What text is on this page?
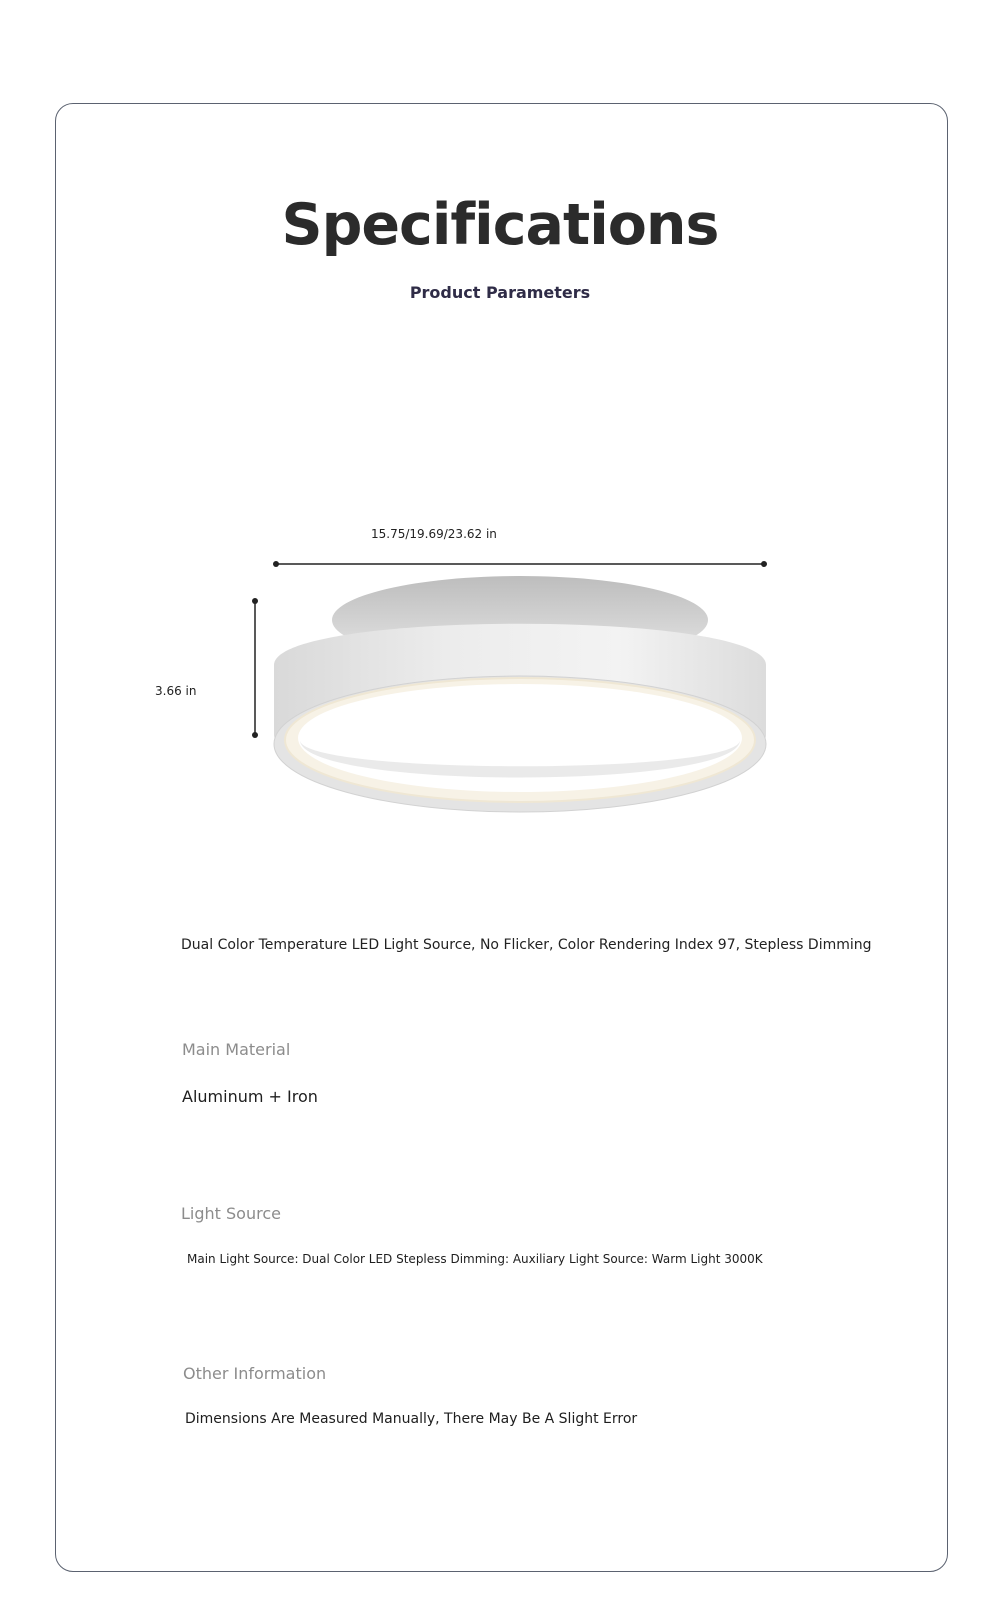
Specifications
Product Parameters
15.75/19.69/23.62 in
3.66 in
Dual Color Temperature LED Light Source, No Flicker, Color Rendering Index 97, Stepless Dimming
Main Material
Aluminum + Iron
Light Source
Main Light Source: Dual Color LED Stepless Dimming: Auxiliary Light Source: Warm Light 3000K
Other Information
Dimensions Are Measured Manually, There May Be A Slight Error
